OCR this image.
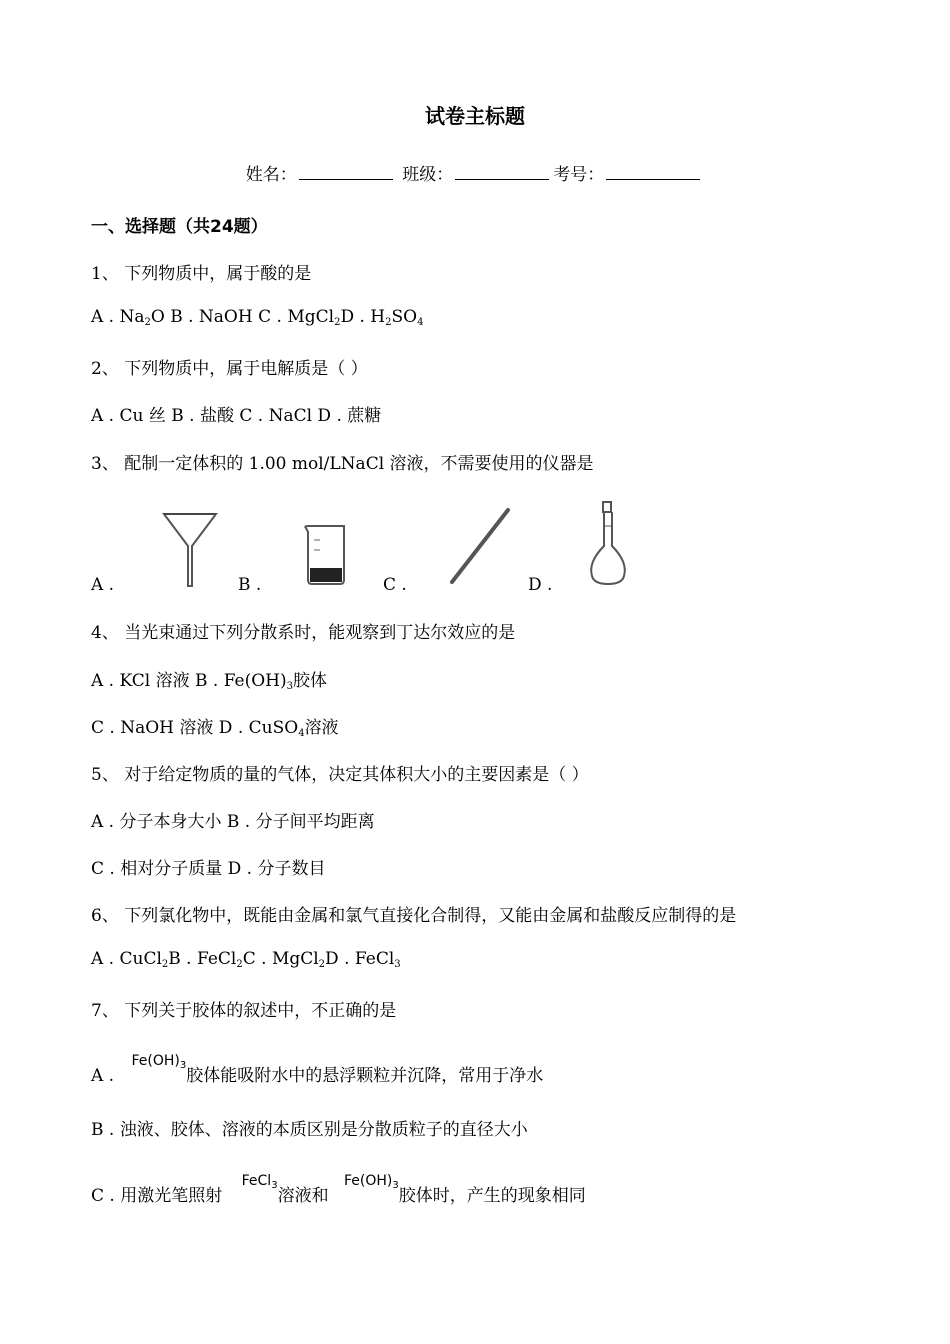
试卷主标题
姓名：	班级：	考号：
一、选择题（共24题）
1、 下列物质中，属于酸的是
A . $Na_2O$ B . NaOH C . MgCl$_2$D . $H_2SO_4$
2、 下列物质中，属于电解质是（ ）
A . Cu 丝 B . 盐酸 C . NaCl D . 蔗糖
3、 配制一定体积的 1.00 mol/LNaCl 溶液，不需要使用的仪器是
A .	B .	C .	D .
4、 当光束通过下列分散系时，能观察到丁达尔效应的是
A . KCl 溶液 B . $Fe(OH)_3$胶体
C . NaOH 溶液 D . CuSO$_4$溶液
5、 对于给定物质的量的气体，决定其体积大小的主要因素是（ ）
A . 分子本身大小 B . 分子间平均距离
C . 相对分子质量 D . 分子数目
6、 下列氯化物中，既能由金属和氯气直接化合制得，又能由金属和盐酸反应制得的是
A . CuCl$_2$B . FeCl$_2$C . MgCl$_2$D . FeCl$_3$
7、 下列关于胶体的叙述中，不正确的是
A . $^{Fe(OH)_3}$胶体能吸附水中的悬浮颗粒并沉降，常用于净水
B . 浊液、胶体、溶液的本质区别是分散质粒子的直径大小
C . 用激光笔照射 $^{FeCl_3}$溶液和 $^{Fe(OH)_3}$胶体时，产生的现象相同
